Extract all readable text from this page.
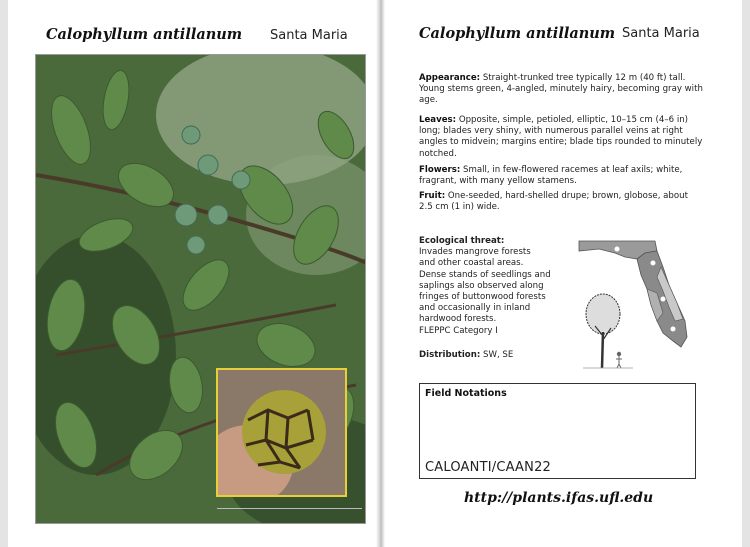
Calophyllum antillanum Santa Maria	Calophyllum antillanum Santa Maria
Appearance: Straight-trunked tree typically 12 m (40 ft) tall. Young stems green, 4-angled, minutely hairy, becoming gray with age.
Leaves: Opposite, simple, petioled, elliptic, 10–15 cm (4–6 in) long; blades very shiny, with numerous parallel veins at right angles to midvein; margins entire; blade tips rounded to minutely notched.
Flowers: Small, in few-flowered racemes at leaf axils; white, fragrant, with many yellow stamens.
Fruit: One-seeded, hard-shelled drupe; brown, globose, about 2.5 cm (1 in) wide.
Ecological threat:
Invades mangrove forests
and other coastal areas.
Dense stands of seedlings and
saplings also observed along
fringes of buttonwood forests
and occasionally in inland
hardwood forests.
FLEPPC Category I
Distribution: SW, SE
Field Notations
CALOANTI/CAAN22
http://plants.ifas.ufl.edu
